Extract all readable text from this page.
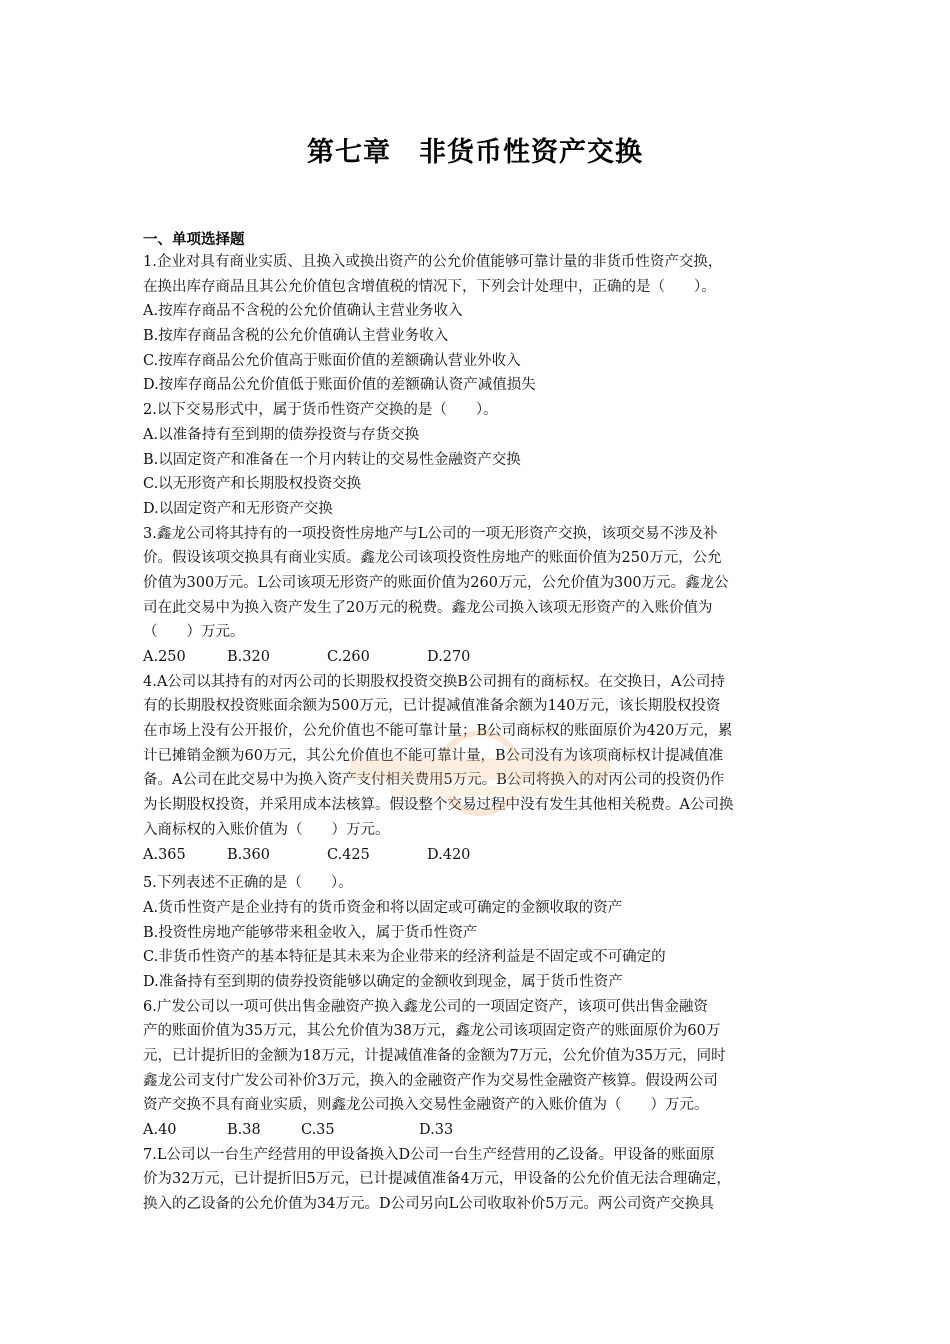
第七章　非货币性资产交换
一、单项选择题
1.企业对具有商业实质、且换入或换出资产的公允价值能够可靠计量的非货币性资产交换，
在换出库存商品且其公允价值包含增值税的情况下，下列会计处理中，正确的是（　　）。
A.按库存商品不含税的公允价值确认主营业务收入
B.按库存商品含税的公允价值确认主营业务收入
C.按库存商品公允价值高于账面价值的差额确认营业外收入
D.按库存商品公允价值低于账面价值的差额确认资产减值损失
2.以下交易形式中，属于货币性资产交换的是（　　）。
A.以准备持有至到期的债券投资与存货交换
B.以固定资产和准备在一个月内转让的交易性金融资产交换
C.以无形资产和长期股权投资交换
D.以固定资产和无形资产交换
3.鑫龙公司将其持有的一项投资性房地产与L公司的一项无形资产交换，该项交易不涉及补
价。假设该项交换具有商业实质。鑫龙公司该项投资性房地产的账面价值为250万元，公允
价值为300万元。L公司该项无形资产的账面价值为260万元，公允价值为300万元。鑫龙公
司在此交易中为换入资产发生了20万元的税费。鑫龙公司换入该项无形资产的入账价值为
（　　）万元。
A.250	B.320	C.260	D.270
4.A公司以其持有的对丙公司的长期股权投资交换B公司拥有的商标权。在交换日，A公司持
有的长期股权投资账面余额为500万元，已计提减值准备余额为140万元，该长期股权投资
在市场上没有公开报价，公允价值也不能可靠计量；B公司商标权的账面原价为420万元，累
计已摊销金额为60万元，其公允价值也不能可靠计量，B公司没有为该项商标权计提减值准
备。A公司在此交易中为换入资产支付相关费用5万元。B公司将换入的对丙公司的投资仍作
为长期股权投资，并采用成本法核算。假设整个交易过程中没有发生其他相关税费。A公司换
入商标权的入账价值为（　　）万元。
A.365	B.360	C.425	D.420
5.下列表述不正确的是（　　）。
A.货币性资产是企业持有的货币资金和将以固定或可确定的金额收取的资产
B.投资性房地产能够带来租金收入，属于货币性资产
C.非货币性资产的基本特征是其未来为企业带来的经济利益是不固定或不可确定的
D.准备持有至到期的债券投资能够以确定的金额收到现金，属于货币性资产
6.广发公司以一项可供出售金融资产换入鑫龙公司的一项固定资产，该项可供出售金融资
产的账面价值为35万元，其公允价值为38万元，鑫龙公司该项固定资产的账面原价为60万
元，已计提折旧的金额为18万元，计提减值准备的金额为7万元，公允价值为35万元，同时
鑫龙公司支付广发公司补价3万元，换入的金融资产作为交易性金融资产核算。假设两公司
资产交换不具有商业实质，则鑫龙公司换入交易性金融资产的入账价值为（　　）万元。
A.40	B.38	C.35	D.33
7.L公司以一台生产经营用的甲设备换入D公司一台生产经营用的乙设备。甲设备的账面原
价为32万元，已计提折旧5万元，已计提减值准备4万元，甲设备的公允价值无法合理确定，
换入的乙设备的公允价值为34万元。D公司另向L公司收取补价5万元。两公司资产交换具
